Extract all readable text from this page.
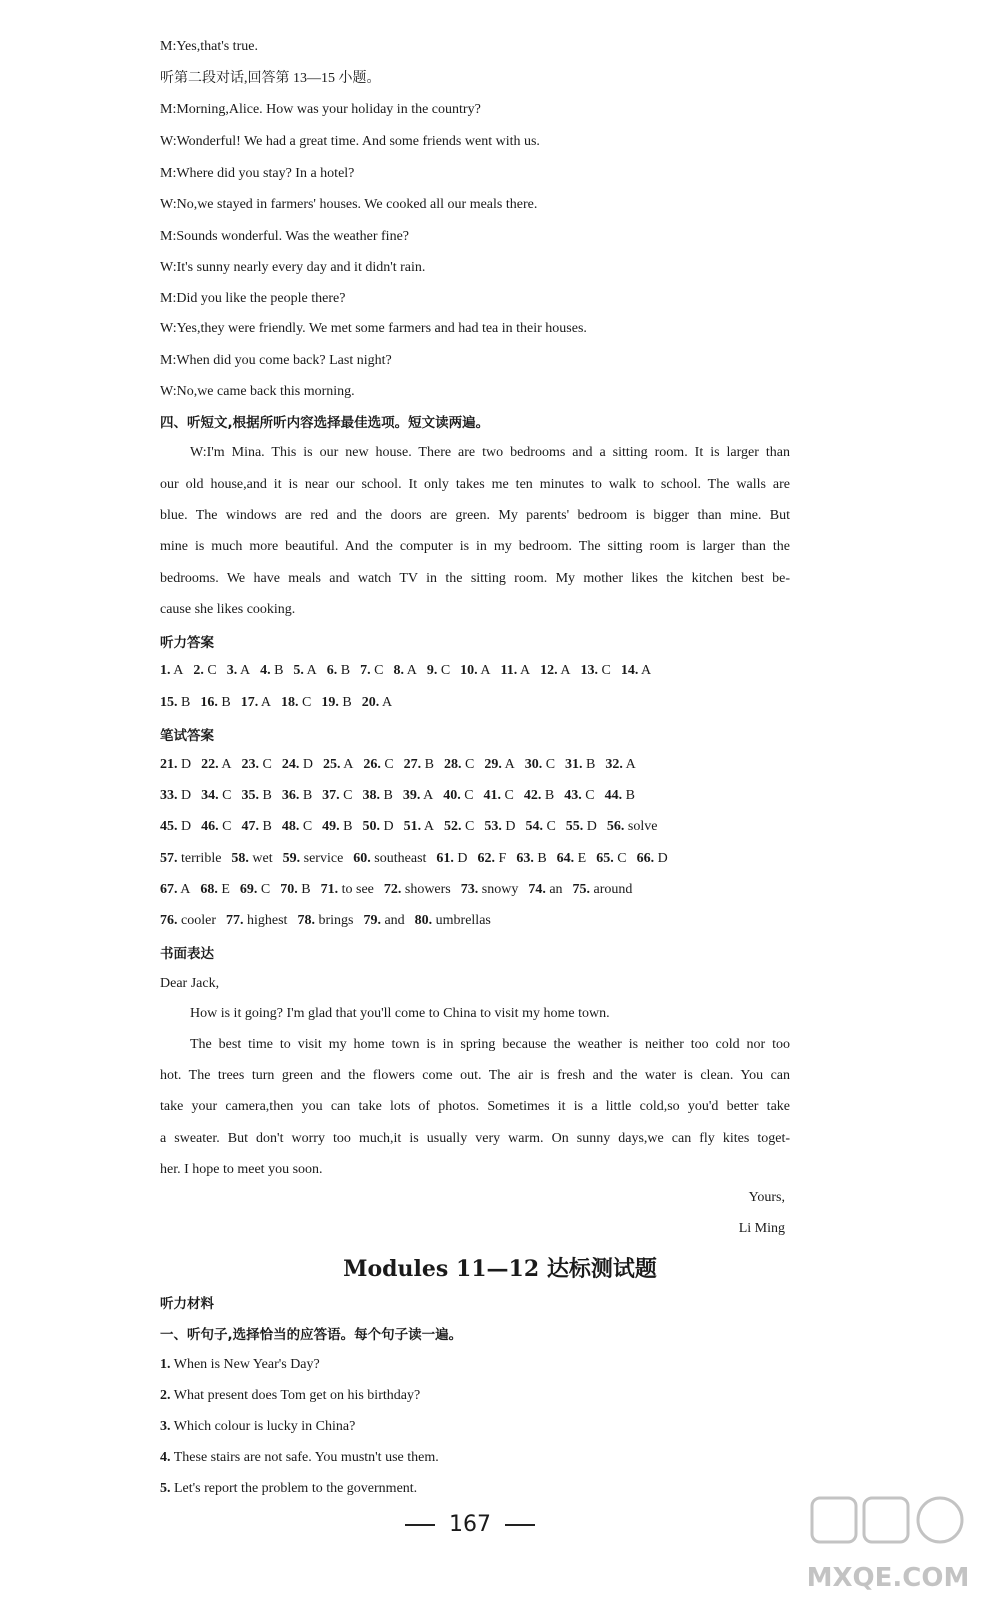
四、听短文,根据所听内容选择最佳选项。短文读两遍。
听力答案
笔试答案
书面表达
Dear Jack,
How is it going? I'm glad that you'll come to China to visit my home town.
Yours,
Li Ming
Modules 11—12 达标测试题
听力材料
一、听句子,选择恰当的应答语。每个句子读一遍。
167
MXQE.COM
M:Yes,that's true.
听第二段对话,回答第 13—15 小题。
M:Morning,Alice. How was your holiday in the country?
W:Wonderful! We had a great time. And some friends went with us.
M:Where did you stay? In a hotel?
W:No,we stayed in farmers' houses. We cooked all our meals there.
M:Sounds wonderful. Was the weather fine?
W:It's sunny nearly every day and it didn't rain.
M:Did you like the people there?
W:Yes,they were friendly. We met some farmers and had tea in their houses.
M:When did you come back? Last night?
W:No,we came back this morning.
W:I'm Mina. This is our new house. There are two bedrooms and a sitting room. It is larger than
our old house,and it is near our school. It only takes me ten minutes to walk to school. The walls are
blue. The windows are red and the doors are green. My parents' bedroom is bigger than mine. But
mine is much more beautiful. And the computer is in my bedroom. The sitting room is larger than the
bedrooms. We have meals and watch TV in the sitting room. My mother likes the kitchen best be-
cause she likes cooking.
1. A 2. C 3. A 4. B 5. A 6. B 7. C 8. A 9. C 10. A 11. A 12. A 13. C 14. A
15. B 16. B 17. A 18. C 19. B 20. A
21. D 22. A 23. C 24. D 25. A 26. C 27. B 28. C 29. A 30. C 31. B 32. A
33. D 34. C 35. B 36. B 37. C 38. B 39. A 40. C 41. C 42. B 43. C 44. B
45. D 46. C 47. B 48. C 49. B 50. D 51. A 52. C 53. D 54. C 55. D 56. solve
57. terrible 58. wet 59. service 60. southeast 61. D 62. F 63. B 64. E 65. C 66. D
67. A 68. E 69. C 70. B 71. to see 72. showers 73. snowy 74. an 75. around
76. cooler 77. highest 78. brings 79. and 80. umbrellas
The best time to visit my home town is in spring because the weather is neither too cold nor too
hot. The trees turn green and the flowers come out. The air is fresh and the water is clean. You can
take your camera,then you can take lots of photos. Sometimes it is a little cold,so you'd better take
a sweater. But don't worry too much,it is usually very warm. On sunny days,we can fly kites toget-
her. I hope to meet you soon.
1. When is New Year's Day?
2. What present does Tom get on his birthday?
3. Which colour is lucky in China?
4. These stairs are not safe. You mustn't use them.
5. Let's report the problem to the government.
